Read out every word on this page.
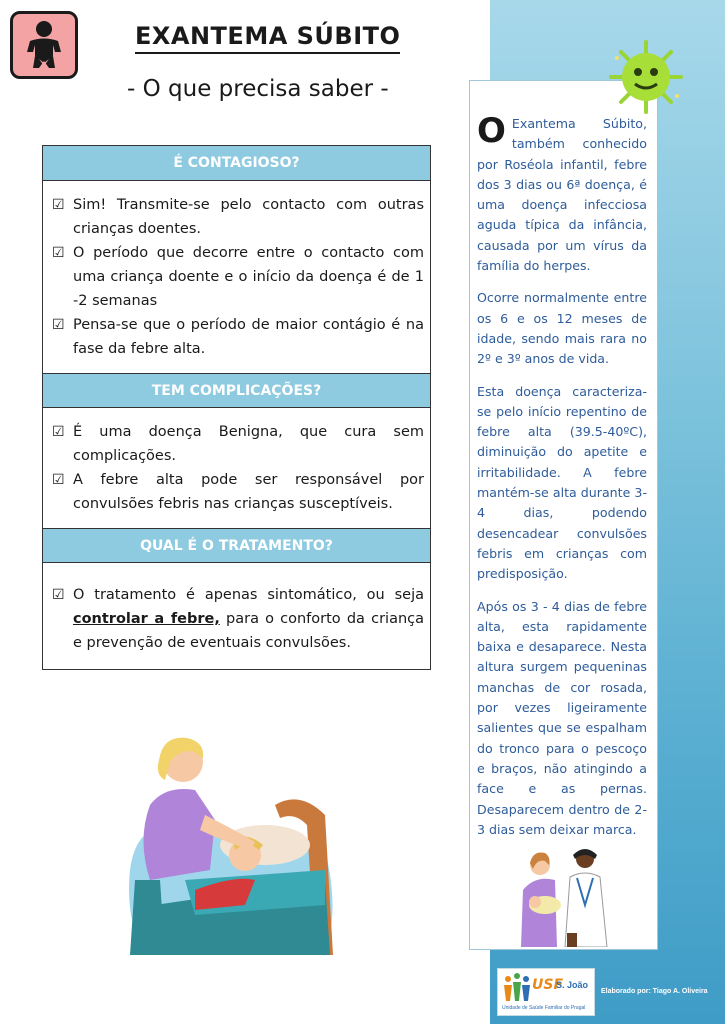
EXANTEMA SÚBITO
- O que precisa saber -
É CONTAGIOSO?
☑ Sim! Transmite-se pelo contacto com outras crianças doentes.
☑ O período que decorre entre o contacto com uma criança doente e o início da doença é de 1 -2 semanas
☑ Pensa-se que o período de maior contágio é na fase da febre alta.
TEM COMPLICAÇÕES?
☑ É uma doença Benigna, que cura sem complicações.
☑ A febre alta pode ser responsável por convulsões febris nas crianças susceptíveis.
QUAL É O TRATAMENTO?
☑ O tratamento é apenas sintomático, ou seja controlar a febre, para o conforto da criança e prevenção de eventuais convulsões.

O Exantema Súbito, também conhecido por Roséola infantil, febre dos 3 dias ou 6ª doença, é uma doença infecciosa aguda típica da infância, causada por um vírus da família do herpes.

Ocorre normalmente entre os 6 e os 12 meses de idade, sendo mais rara no 2º e 3º anos de vida.

Esta doença caracteriza-se pelo início repentino de febre alta (39.5-40ºC), diminuição do apetite e irritabilidade. A febre mantém-se alta durante 3-4 dias, podendo desencadear convulsões febris em crianças com predisposição.

Após os 3 - 4 dias de febre alta, esta rapidamente baixa e desaparece. Nesta altura surgem pequeninas manchas de cor rosada, por vezes ligeiramente salientes que se espalham do tronco para o pescoço e braços, não atingindo a face e as pernas. Desaparecem dentro de 2-3 dias sem deixar marca.

USF
S. João
Unidade de Saúde Familiar do Pragal
Elaborado por: Tiago A. Oliveira
